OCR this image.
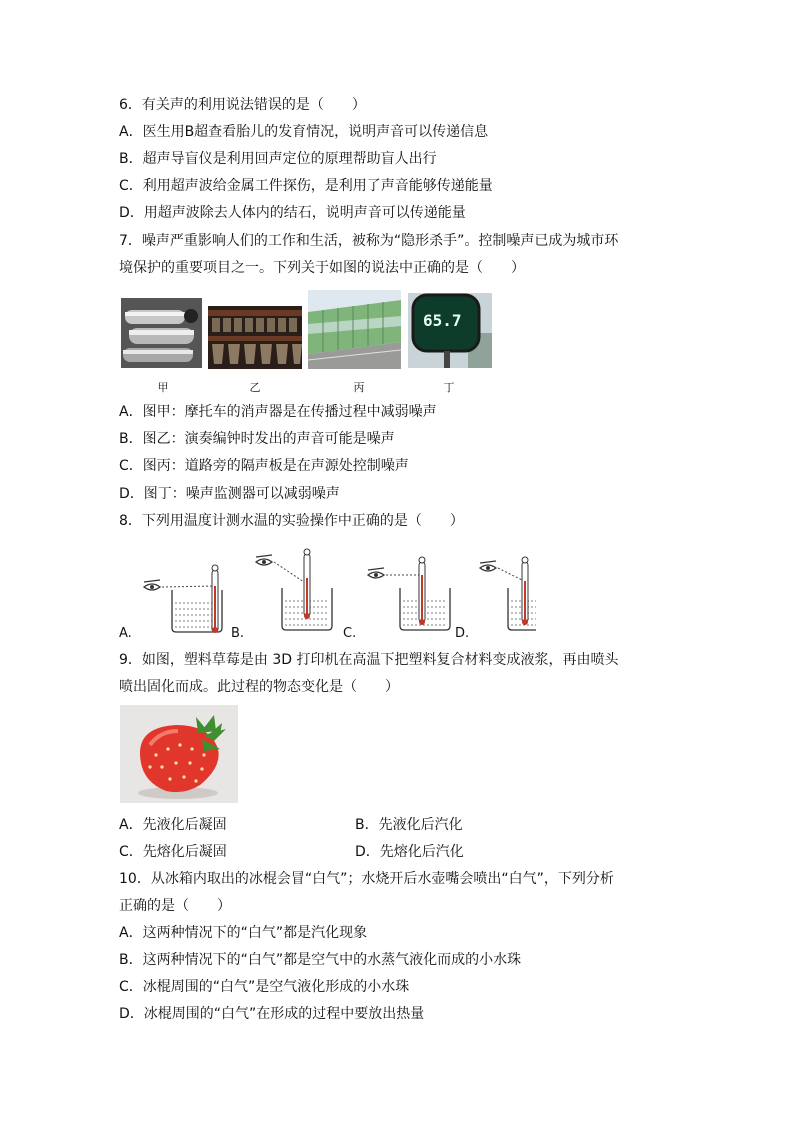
6．有关声的利用说法错误的是（　　）
A．医生用B超查看胎儿的发育情况，说明声音可以传递信息
B．超声导盲仪是利用回声定位的原理帮助盲人出行
C．利用超声波给金属工件探伤，是利用了声音能够传递能量
D．用超声波除去人体内的结石，说明声音可以传递能量
7．噪声严重影响人们的工作和生活，被称为“隐形杀手”。控制噪声已成为城市环
境保护的重要项目之一。下列关于如图的说法中正确的是（　　）
65.7
甲	乙	丙	丁
A．图甲：摩托车的消声器是在传播过程中减弱噪声
B．图乙：演奏编钟时发出的声音可能是噪声
C．图丙：道路旁的隔声板是在声源处控制噪声
D．图丁：噪声监测器可以减弱噪声
8．下列用温度计测水温的实验操作中正确的是（　　）
A.	B.	C.	D.
9．如图，塑料草莓是由 3D 打印机在高温下把塑料复合材料变成液浆，再由喷头
喷出固化而成。此过程的物态变化是（　　）
A．先液化后凝固	B．先液化后汽化
C．先熔化后凝固	D．先熔化后汽化
10．从冰箱内取出的冰棍会冒“白气”；水烧开后水壶嘴会喷出“白气”，下列分析
正确的是（　　）
A．这两种情况下的“白气”都是汽化现象
B．这两种情况下的“白气”都是空气中的水蒸气液化而成的小水珠
C．冰棍周围的“白气”是空气液化形成的小水珠
D．冰棍周围的“白气”在形成的过程中要放出热量
